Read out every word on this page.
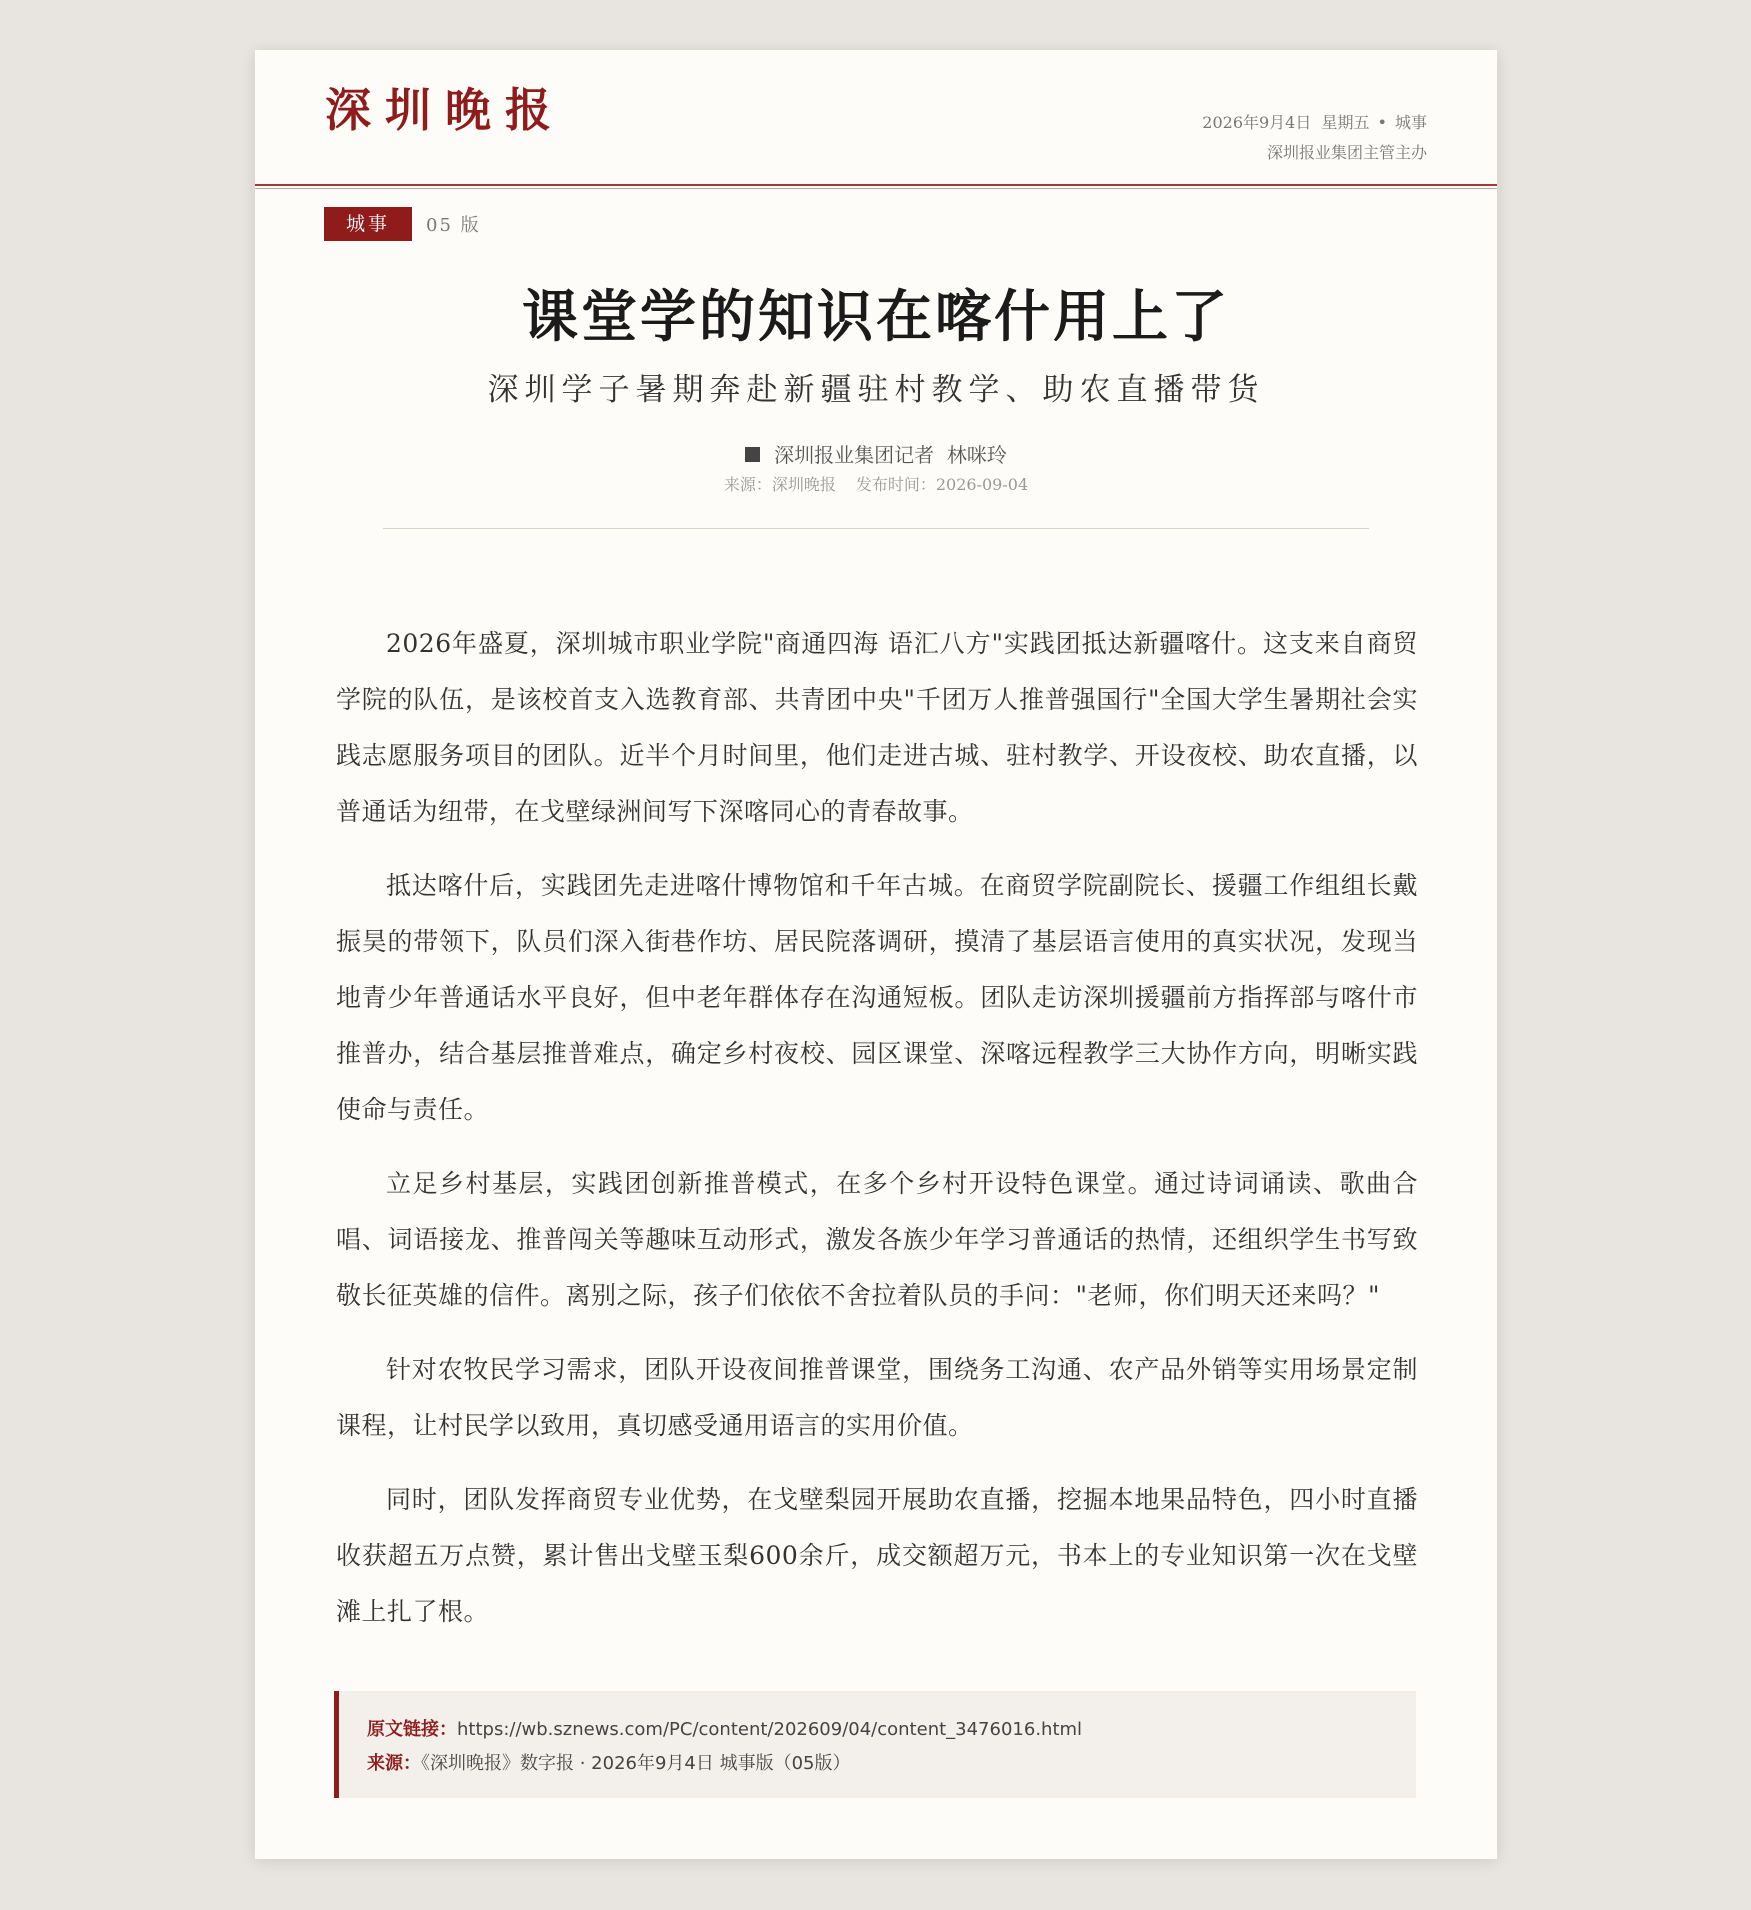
深圳晚报	2026年9月4日  星期五 • 城事
深圳报业集团主管主办
城事 05 版
课堂学的知识在喀什用上了
深圳学子暑期奔赴新疆驻村教学、助农直播带货
深圳报业集团记者  林咪玲
来源：深圳晚报 发布时间：2026-09-04

2026年盛夏，深圳城市职业学院"商通四海 语汇八方"实践团抵达新疆喀什。这支来自商贸学院的队伍，是该校首支入选教育部、共青团中央"千团万人推普强国行"全国大学生暑期社会实践志愿服务项目的团队。近半个月时间里，他们走进古城、驻村教学、开设夜校、助农直播，以普通话为纽带，在戈壁绿洲间写下深喀同心的青春故事。

抵达喀什后，实践团先走进喀什博物馆和千年古城。在商贸学院副院长、援疆工作组组长戴振昊的带领下，队员们深入街巷作坊、居民院落调研，摸清了基层语言使用的真实状况，发现当地青少年普通话水平良好，但中老年群体存在沟通短板。团队走访深圳援疆前方指挥部与喀什市推普办，结合基层推普难点，确定乡村夜校、园区课堂、深喀远程教学三大协作方向，明晰实践使命与责任。

立足乡村基层，实践团创新推普模式，在多个乡村开设特色课堂。通过诗词诵读、歌曲合唱、词语接龙、推普闯关等趣味互动形式，激发各族少年学习普通话的热情，还组织学生书写致敬长征英雄的信件。离别之际，孩子们依依不舍拉着队员的手问："老师，你们明天还来吗？"

针对农牧民学习需求，团队开设夜间推普课堂，围绕务工沟通、农产品外销等实用场景定制课程，让村民学以致用，真切感受通用语言的实用价值。

同时，团队发挥商贸专业优势，在戈壁梨园开展助农直播，挖掘本地果品特色，四小时直播收获超五万点赞，累计售出戈壁玉梨600余斤，成交额超万元，书本上的专业知识第一次在戈壁滩上扎了根。

原文链接：https://wb.sznews.com/PC/content/202609/04/content_3476016.html
来源：《深圳晚报》数字报 · 2026年9月4日 城事版（05版）
